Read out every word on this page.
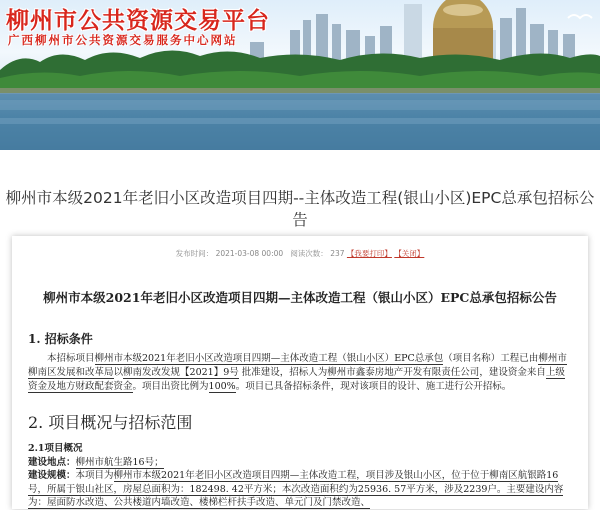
柳州市公共资源交易平台
广西柳州市公共资源交易服务中心网站
柳州市本级2021年老旧小区改造项目四期--主体改造工程(银山小区)EPC总承包招标公告
发布时间： 2021-03-08 00:00 阅读次数： 237 【我要打印】 【关闭】
柳州市本级2021年老旧小区改造项目四期—主体改造工程（银山小区）EPC总承包招标公告
1. 招标条件
本招标项目柳州市本级2021年老旧小区改造项目四期—主体改造工程（银山小区）EPC总承包（项目名称）工程已由柳州市柳南区发展和改革局以柳南发改发规【2021】9号 批准建设，招标人为柳州市鑫泰房地产开发有限责任公司，建设资金来自上级资金及地方财政配套资金。项目出资比例为100%。项目已具备招标条件，现对该项目的设计、施工进行公开招标。
2. 项目概况与招标范围
2.1项目概况
建设地点：柳州市航生路16号；
建设规模：本项目为柳州市本级2021年老旧小区改造项目四期—主体改造工程，项目涉及银山小区，位于位于柳南区航银路16号，所属于银山社区，房屋总面积为：182498. 42平方米；本次改造面积约为25936. 57平方米，涉及2239户。主要建设内容为：屋面防水改造、公共楼道内墙改造、楼梯栏杆扶手改造、单元门及门禁改造、
